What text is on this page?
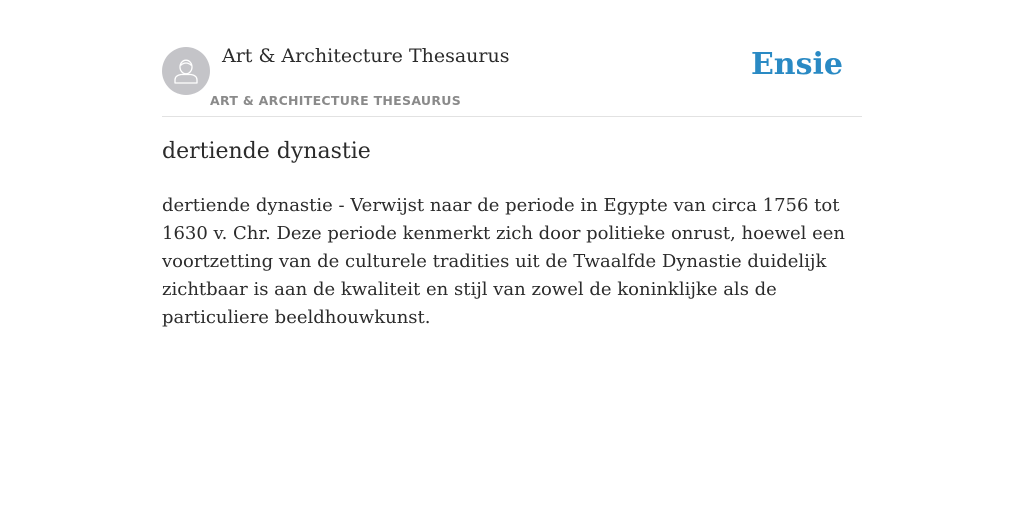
Art & Architecture Thesaurus
ART & ARCHITECTURE THESAURUS
Ensie
dertiende dynastie

dertiende dynastie - Verwijst naar de periode in Egypte van circa 1756 tot 1630 v. Chr. Deze periode kenmerkt zich door politieke onrust, hoewel een voortzetting van de culturele tradities uit de Twaalfde Dynastie duidelijk zichtbaar is aan de kwaliteit en stijl van zowel de koninklijke als de particuliere beeldhouwkunst.
